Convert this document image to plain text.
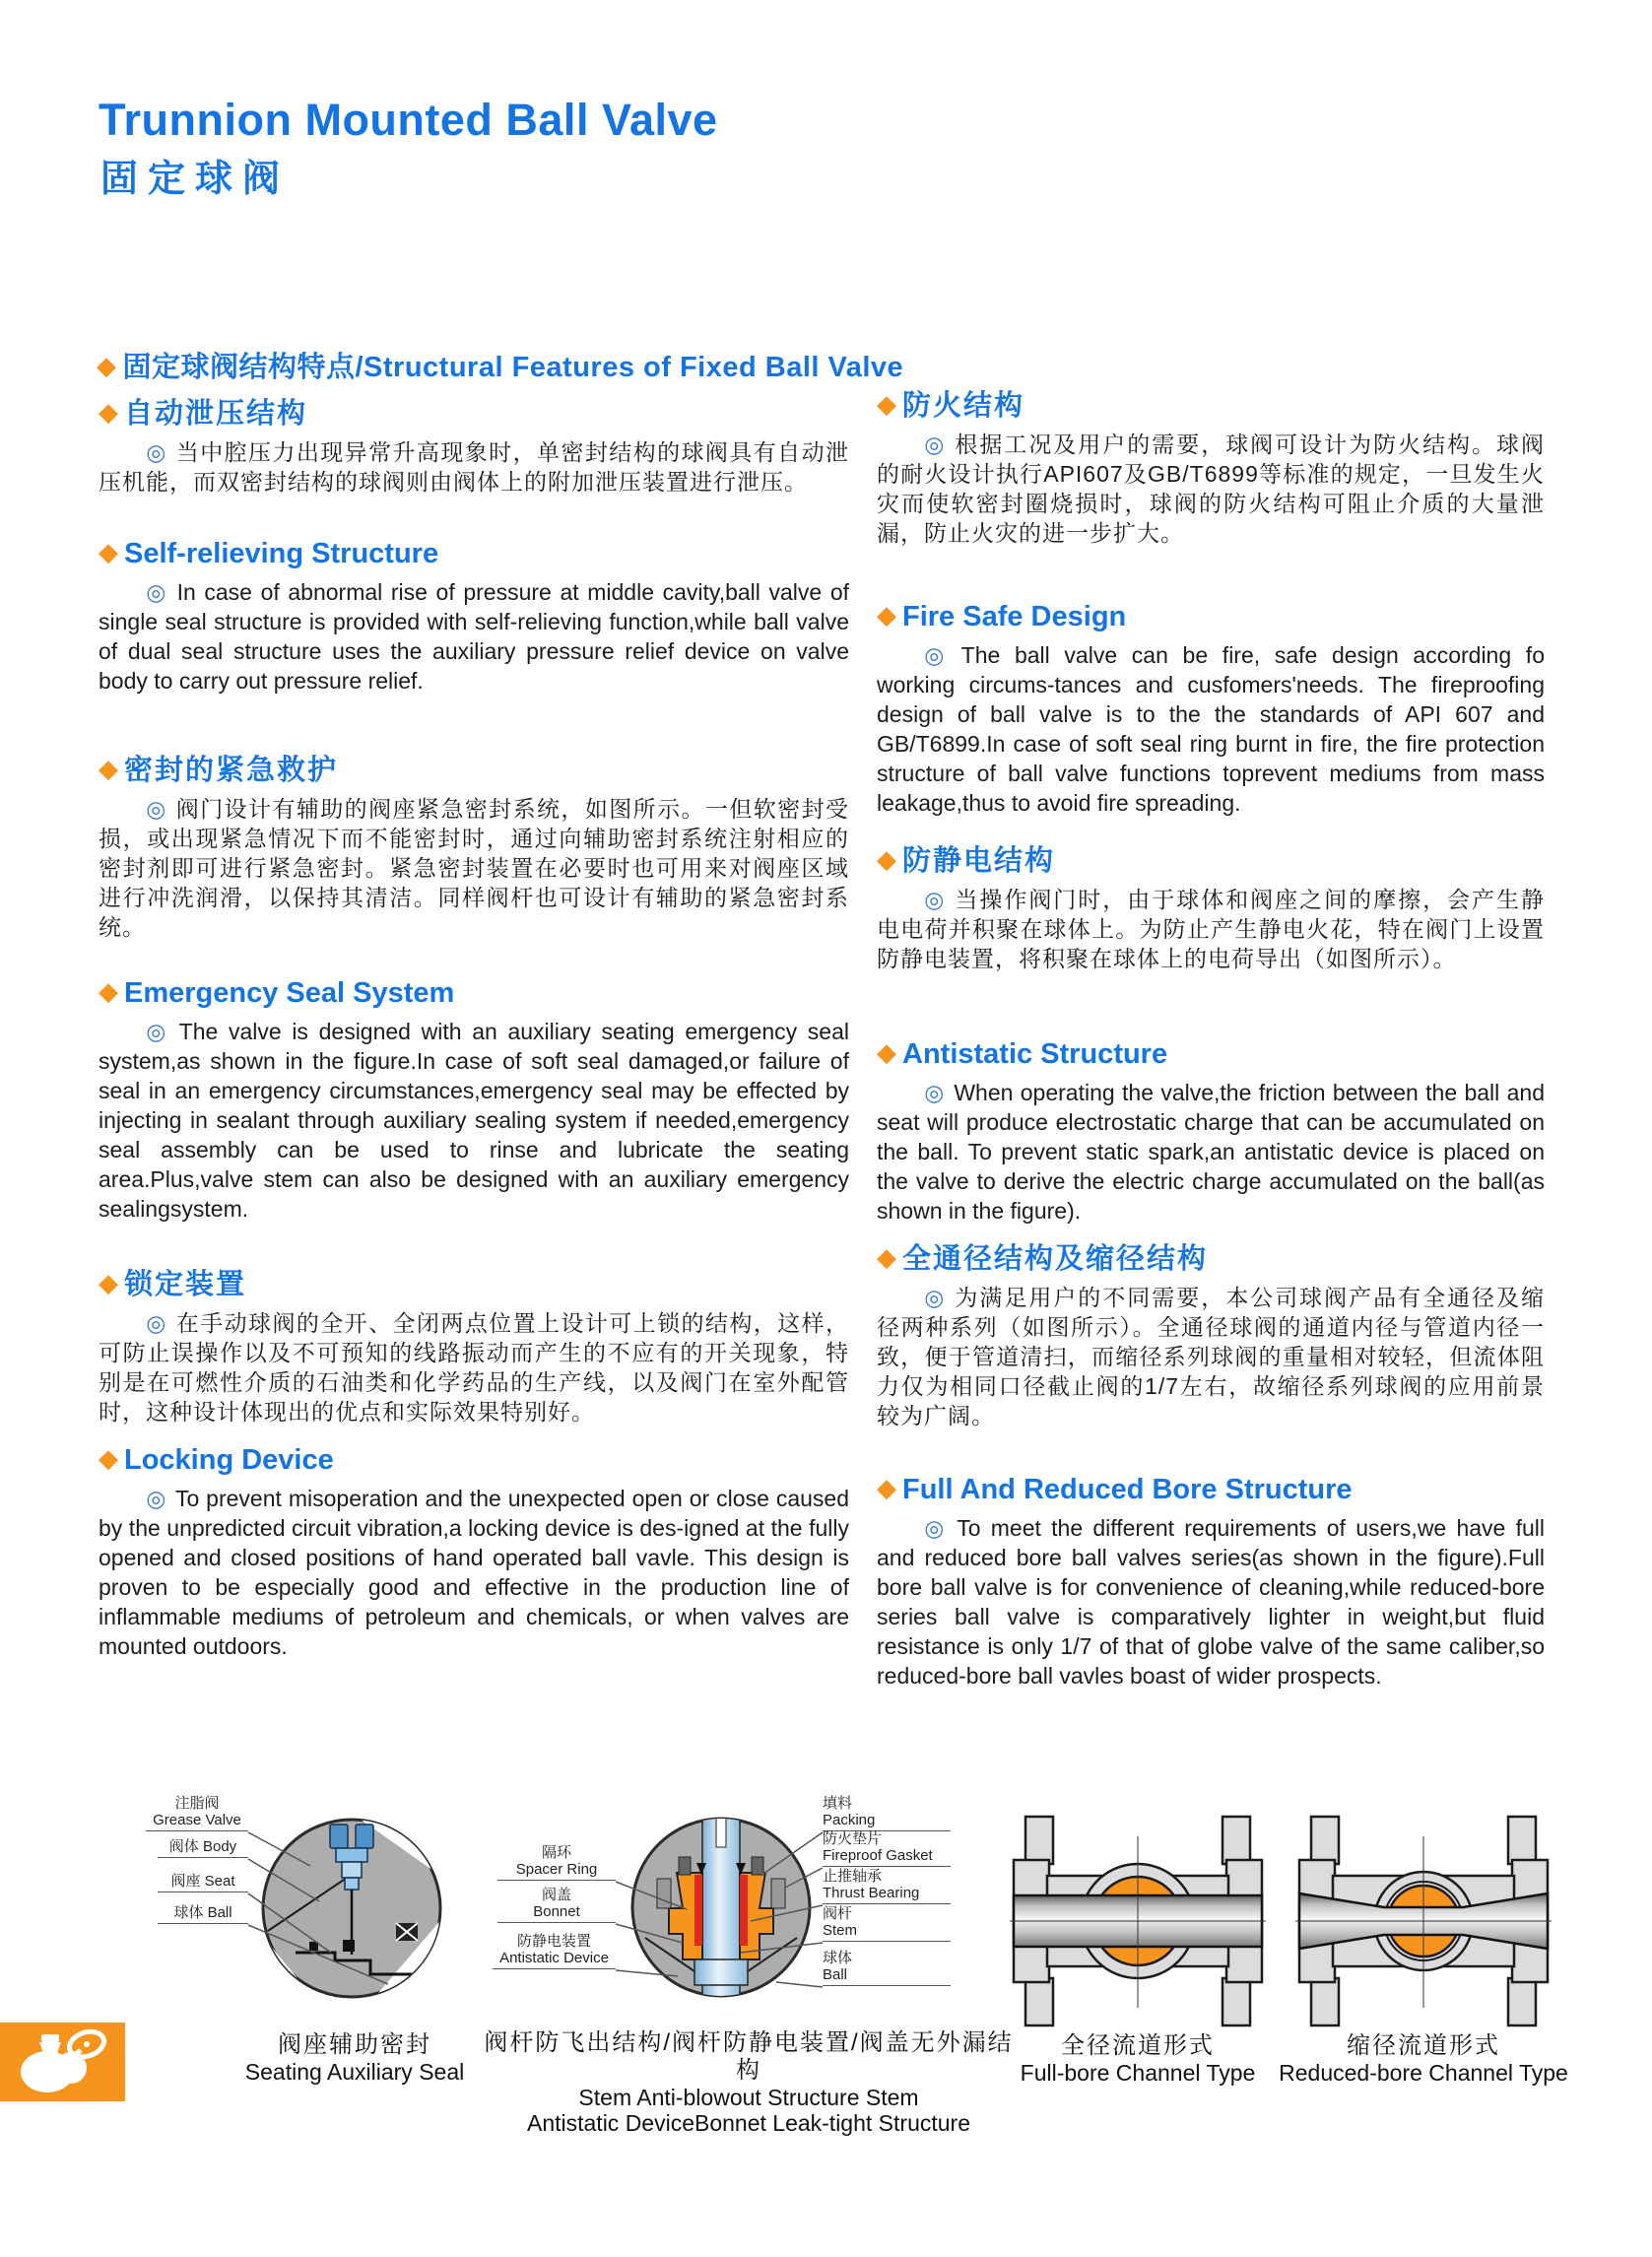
Trunnion Mounted Ball Valve
固定球阀
◆ 固定球阀结构特点/Structural Features of Fixed Ball Valve
◆ 自动泄压结构

◎ 当中腔压力出现异常升高现象时，单密封结构的球阀具有自动泄压机能，而双密封结构的球阀则由阀体上的附加泄压装置进行泄压。

◆ Self-relieving Structure

◎ In case of abnormal rise of pressure at middle cavity,ball valve of single seal structure is provided with self-relieving function,while ball valve of dual seal structure uses the auxiliary pressure relief device on valve body to carry out pressure relief.

◆ 密封的紧急救护

◎ 阀门设计有辅助的阀座紧急密封系统，如图所示。一但软密封受损，或出现紧急情况下而不能密封时，通过向辅助密封系统注射相应的密封剂即可进行紧急密封。紧急密封装置在必要时也可用来对阀座区域进行冲洗润滑，以保持其清洁。同样阀杆也可设计有辅助的紧急密封系统。

◆ Emergency Seal System

◎ The valve is designed with an auxiliary seating emergency seal system,as shown in the figure.In case of soft seal damaged,or failure of seal in an emergency circumstances,emergency seal may be effected by injecting in sealant through auxiliary sealing system if needed,emergency seal assembly can be used to rinse and lubricate the seating area.Plus,valve stem can also be designed with an auxiliary emergency sealingsystem.

◆ 锁定装置

◎ 在手动球阀的全开、全闭两点位置上设计可上锁的结构，这样，可防止误操作以及不可预知的线路振动而产生的不应有的开关现象，特别是在可燃性介质的石油类和化学药品的生产线，以及阀门在室外配管时，这种设计体现出的优点和实际效果特别好。

◆ Locking Device

◎ To prevent misoperation and the unexpected open or close caused by the unpredicted circuit vibration,a locking device is des-igned at the fully opened and closed positions of hand operated ball vavle. This design is proven to be especially good and effective in the production line of inflammable mediums of petroleum and chemicals, or when valves are mounted outdoors.

◆ 防火结构

◎ 根据工况及用户的需要，球阀可设计为防火结构。球阀的耐火设计执行API607及GB/T6899等标准的规定，一旦发生火灾而使软密封圈烧损时，球阀的防火结构可阻止介质的大量泄漏，防止火灾的进一步扩大。

◆ Fire Safe Design

◎ The ball valve can be fire, safe design according fo working circums-tances and cusfomers'needs. The fireproofing design of ball valve is to the the standards of API 607 and GB/T6899.In case of soft seal ring burnt in fire, the fire protection structure of ball valve functions toprevent mediums from mass leakage,thus to avoid fire spreading.

◆ 防静电结构

◎ 当操作阀门时，由于球体和阀座之间的摩擦，会产生静电电荷并积聚在球体上。为防止产生静电火花，特在阀门上设置防静电装置，将积聚在球体上的电荷导出（如图所示）。

◆ Antistatic Structure

◎ When operating the valve,the friction between the ball and seat will produce electrostatic charge that can be accumulated on the ball. To prevent static spark,an antistatic device is placed on the valve to derive the electric charge accumulated on the ball(as shown in the figure).

◆ 全通径结构及缩径结构

◎ 为满足用户的不同需要，本公司球阀产品有全通径及缩径两种系列（如图所示）。全通径球阀的通道内径与管道内径一致，便于管道清扫，而缩径系列球阀的重量相对较轻，但流体阻力仅为相同口径截止阀的1/7左右，故缩径系列球阀的应用前景较为广阔。

◆ Full And Reduced Bore Structure

◎ To meet the different requirements of users,we have full and reduced bore ball valves series(as shown in the figure).Full bore ball valve is for convenience of cleaning,while reduced-bore series ball valve is comparatively lighter in weight,but fluid resistance is only 1/7 of that of globe valve of the same caliber,so reduced-bore ball vavles boast of wider prospects.

注脂阀
Grease Valve
阀体 Body
阀座 Seat
球体 Ball
阀座辅助密封
Seating Auxiliary Seal
隔环
Spacer Ring
阀盖
Bonnet
防静电装置
Antistatic Device
填料
Packing
防火垫片
Fireproof Gasket
止推轴承
Thrust Bearing
阀杆
Stem
球体
Ball
阀杆防飞出结构/阀杆防静电装置/阀盖无外漏结构
Stem Anti-blowout Structure Stem
Antistatic DeviceBonnet Leak-tight Structure
全径流道形式
Full-bore Channel Type
缩径流道形式
Reduced-bore Channel Type
